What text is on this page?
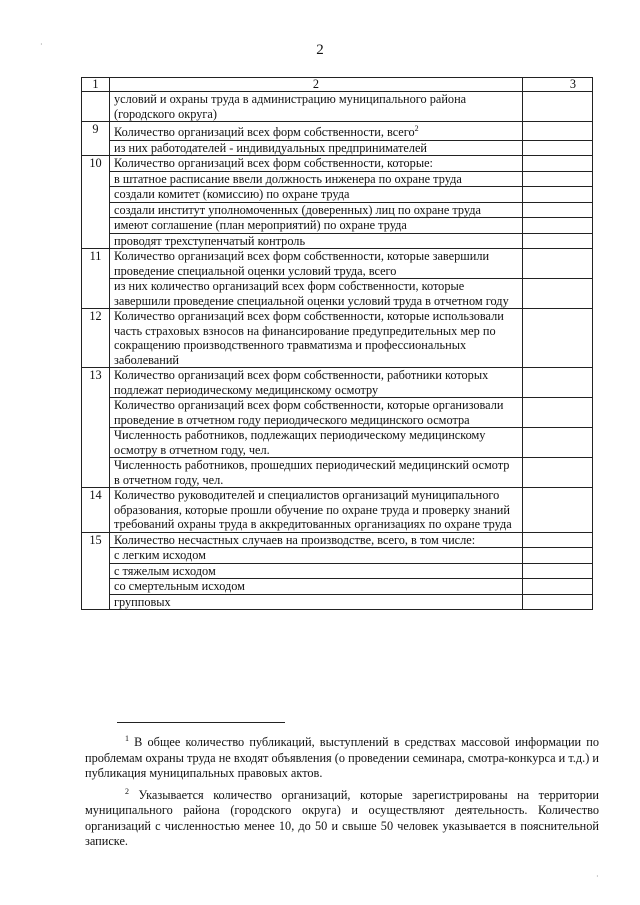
2
1	2	3
	условий и охраны труда в администрацию муниципального района (городского округа)	
9	Количество организаций всех форм собственности, всего$^2$	
	из них работодателей - индивидуальных предпринимателей	
10	Количество организаций всех форм собственности, которые:	
	в штатное расписание ввели должность инженера по охране труда	
	создали комитет (комиссию) по охране труда	
	создали институт уполномоченных (доверенных) лиц по охране труда	
	имеют соглашение (план мероприятий) по охране труда	
	проводят трехступенчатый контроль	
11	Количество организаций всех форм собственности, которые завершили проведение специальной оценки условий труда, всего	
	из них количество организаций всех форм собственности, которые завершили проведение специальной оценки условий труда в отчетном году	
12	Количество организаций всех форм собственности, которые использовали часть страховых взносов на финансирование предупредительных мер по сокращению производственного травматизма и профессиональных заболеваний	
13	Количество организаций всех форм собственности, работники которых подлежат периодическому медицинскому осмотру	
	Количество организаций всех форм собственности, которые организовали проведение в отчетном году периодического медицинского осмотра	
	Численность работников, подлежащих периодическому медицинскому осмотру в отчетном году, чел.	
	Численность работников, прошедших периодический медицинский осмотр в отчетном году, чел.	
14	Количество руководителей и специалистов организаций муниципального образования, которые прошли обучение по охране труда и проверку знаний требований охраны труда в аккредитованных организациях по охране труда	
15	Количество несчастных случаев на производстве, всего, в том числе:	
	с легким исходом	
	с тяжелым исходом	
	со смертельным исходом	
	групповых	

$^1$ В общее количество публикаций, выступлений в средствах массовой информации по проблемам охраны труда не входят объявления (о проведении семинара, смотра-конкурса и т.д.) и публикация муниципальных правовых актов.

$^2$ Указывается количество организаций, которые зарегистрированы на территории муниципального района (городского округа) и осуществляют деятельность. Количество организаций с численностью менее 10, до 50 и свыше 50 человек указывается в пояснительной записке.

·
·
